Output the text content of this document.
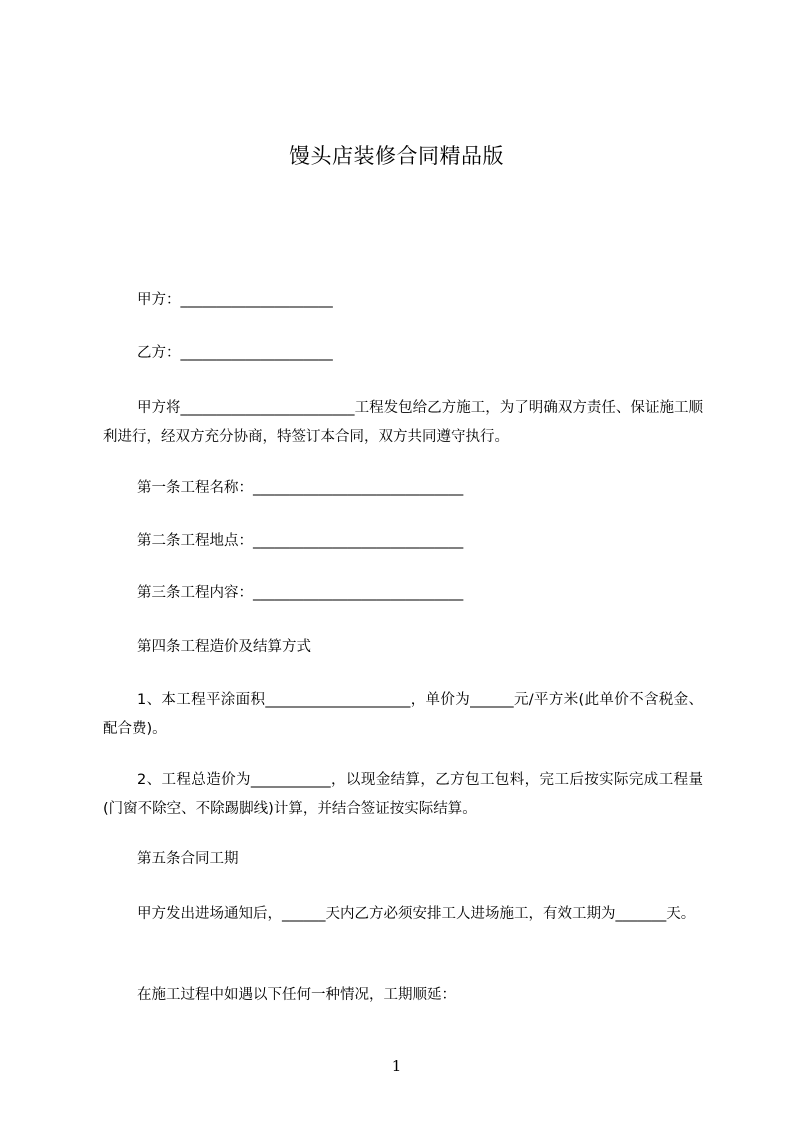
馒头店装修合同精品版
甲方：_____________________
乙方：_____________________
甲方将________________________工程发包给乙方施工，为了明确双方责任、保证施工顺利进行，经双方充分协商，特签订本合同，双方共同遵守执行。
第一条工程名称：_____________________________
第二条工程地点：_____________________________
第三条工程内容：_____________________________
第四条工程造价及结算方式
1、本工程平涂面积____________________，单价为______元/平方米(此单价不含税金、配合费)。
2、工程总造价为___________，以现金结算，乙方包工包料，完工后按实际完成工程量(门窗不除空、不除踢脚线)计算，并结合签证按实际结算。
第五条合同工期
甲方发出进场通知后，______天内乙方必须安排工人进场施工，有效工期为_______天。
在施工过程中如遇以下任何一种情况，工期顺延：
1
